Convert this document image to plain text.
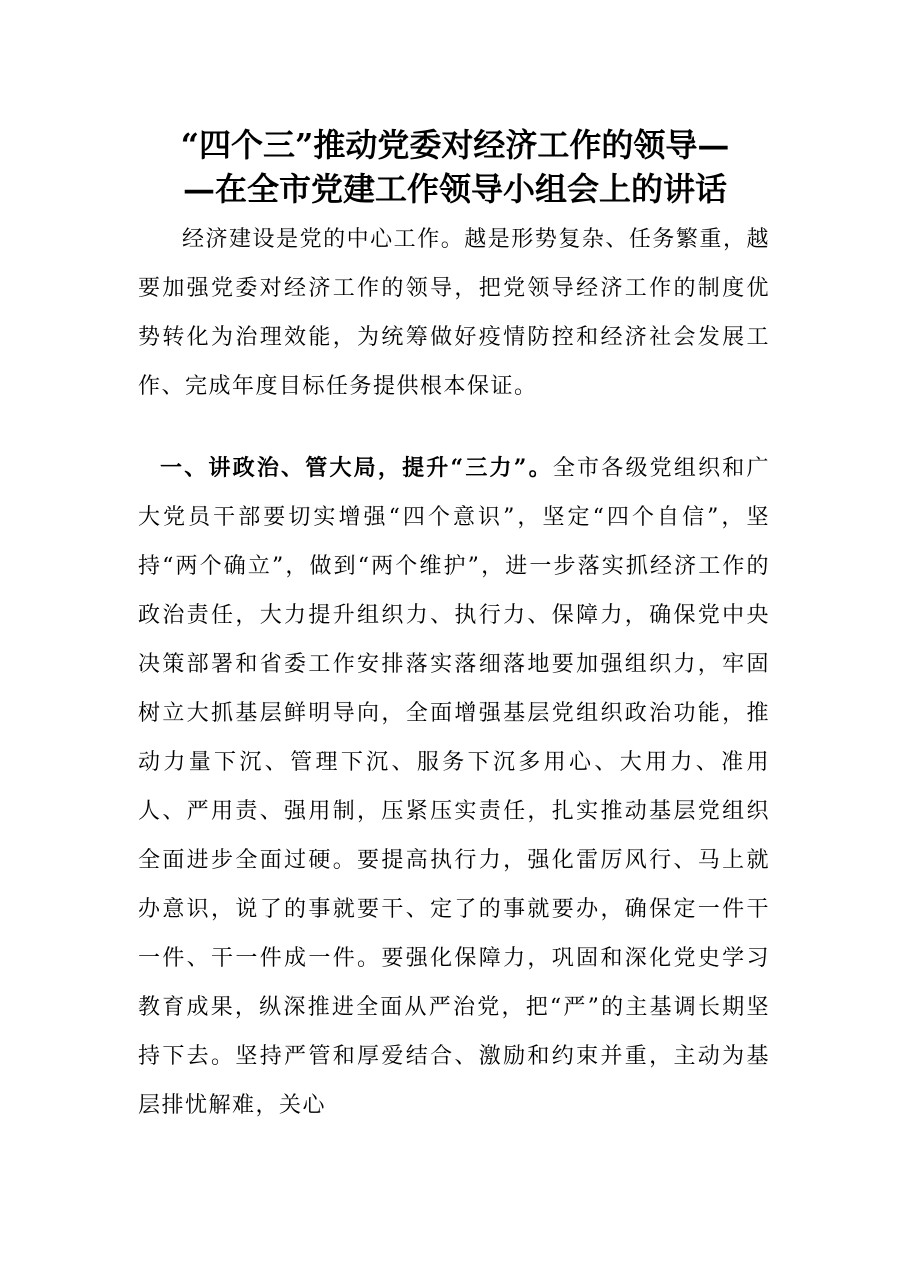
“四个三”推动党委对经济工作的领导—
—在全市党建工作领导小组会上的讲话

经济建设是党的中心工作。越是形势复杂、任务繁重，越要加强党委对经济工作的领导，把党领导经济工作的制度优势转化为治理效能，为统筹做好疫情防控和经济社会发展工作、完成年度目标任务提供根本保证。

一、讲政治、管大局，提升“三力”。全市各级党组织和广大党员干部要切实增强“四个意识”，坚定“四个自信”，坚持“两个确立”，做到“两个维护”，进一步落实抓经济工作的政治责任，大力提升组织力、执行力、保障力，确保党中央决策部署和省委工作安排落实落细落地要加强组织力，牢固树立大抓基层鲜明导向，全面增强基层党组织政治功能，推动力量下沉、管理下沉、服务下沉多用心、大用力、准用人、严用责、强用制，压紧压实责任，扎实推动基层党组织全面进步全面过硬。要提高执行力，强化雷厉风行、马上就办意识，说了的事就要干、定了的事就要办，确保定一件干一件、干一件成一件。要强化保障力，巩固和深化党史学习教育成果，纵深推进全面从严治党，把“严”的主基调长期坚持下去。坚持严管和厚爱结合、激励和约束并重，主动为基层排忧解难，关心
